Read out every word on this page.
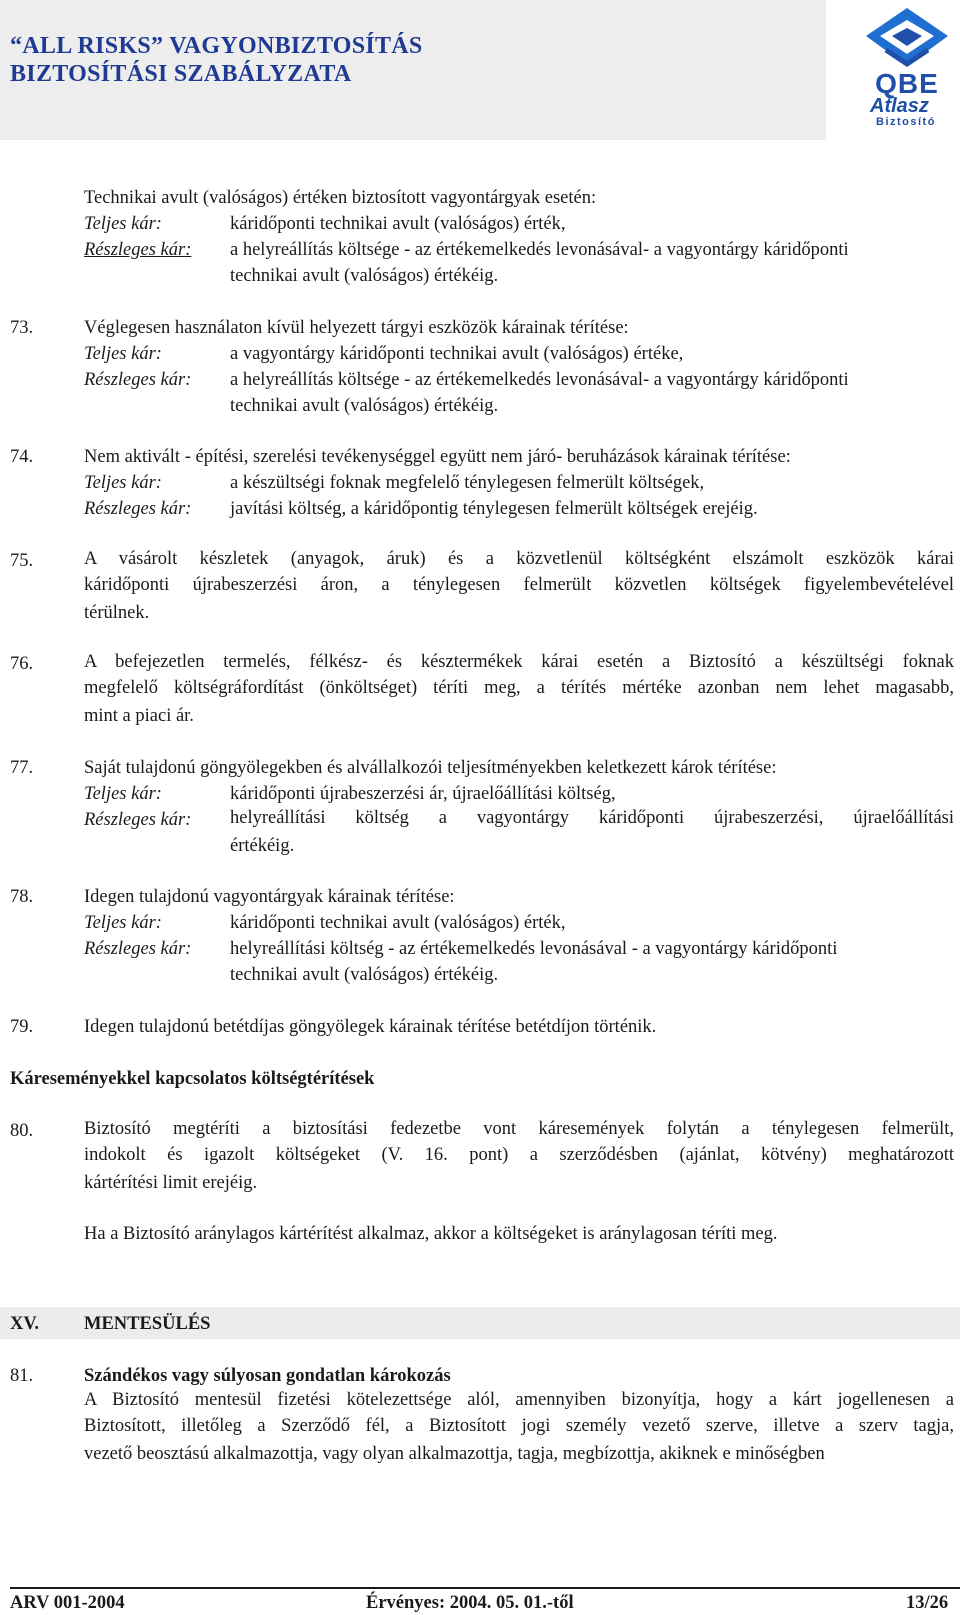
“ALL RISKS” VAGYONBIZTOSÍTÁS
BIZTOSÍTÁSI SZABÁLYZATA	QBE
Atlasz
Biztosító
Technikai avult (valóságos) értéken biztosított vagyontárgyak esetén:
Teljes kár:	káridőponti technikai avult (valóságos) érték,
Részleges kár: a helyreállítás költsége - az értékemelkedés levonásával- a vagyontárgy káridőponti
technikai avult (valóságos) értékéig.
73.	Véglegesen használaton kívül helyezett tárgyi eszközök kárainak térítése:
Teljes kár:	a vagyontárgy káridőponti technikai avult (valóságos) értéke,
Részleges kár: a helyreállítás költsége - az értékemelkedés levonásával- a vagyontárgy káridőponti
technikai avult (valóságos) értékéig.
74.	Nem aktivált - építési, szerelési tevékenységgel együtt nem járó- beruházások kárainak térítése:
Teljes kár:	a készültségi foknak megfelelő ténylegesen felmerült költségek,
Részleges kár: javítási költség, a káridőpontig ténylegesen felmerült költségek erejéig.
75.	A vásárolt készletek (anyagok, áruk) és a közvetlenül költségként elszámolt eszközök kárai
káridőponti újrabeszerzési áron, a ténylegesen felmerült közvetlen költségek figyelembevételével
térülnek.
76.	A befejezetlen termelés, félkész- és késztermékek kárai esetén a Biztosító a készültségi foknak
megfelelő költségráfordítást (önköltséget) téríti meg, a térítés mértéke azonban nem lehet magasabb,
mint a piaci ár.
77.	Saját tulajdonú göngyölegekben és alvállalkozói teljesítményekben keletkezett károk térítése:
Teljes kár:	káridőponti újrabeszerzési ár, újraelőállítási költség,
Részleges kár: helyreállítási költség a vagyontárgy káridőponti újrabeszerzési, újraelőállítási
értékéig.
78.	Idegen tulajdonú vagyontárgyak kárainak térítése:
Teljes kár:	káridőponti technikai avult (valóságos) érték,
Részleges kár: helyreállítási költség - az értékemelkedés levonásával - a vagyontárgy káridőponti
technikai avult (valóságos) értékéig.
79.	Idegen tulajdonú betétdíjas göngyölegek kárainak térítése betétdíjon történik.
Káreseményekkel kapcsolatos költségtérítések
80.	Biztosító megtéríti a biztosítási fedezetbe vont káresemények folytán a ténylegesen felmerült,
indokolt és igazolt költségeket (V. 16. pont) a szerződésben (ajánlat, kötvény) meghatározott
kártérítési limit erejéig.
Ha a Biztosító aránylagos kártérítést alkalmaz, akkor a költségeket is aránylagosan téríti meg.
XV. MENTESÜLÉS
81.	Szándékos vagy súlyosan gondatlan károkozás
A Biztosító mentesül fizetési kötelezettsége alól, amennyiben bizonyítja, hogy a kárt jogellenesen a
Biztosított, illetőleg a Szerződő fél, a Biztosított jogi személy vezető szerve, illetve a szerv tagja,
vezető beosztású alkalmazottja, vagy olyan alkalmazottja, tagja, megbízottja, akiknek e minőségben
ARV 001-2004	Érvényes: 2004. 05. 01.-től	13/26
